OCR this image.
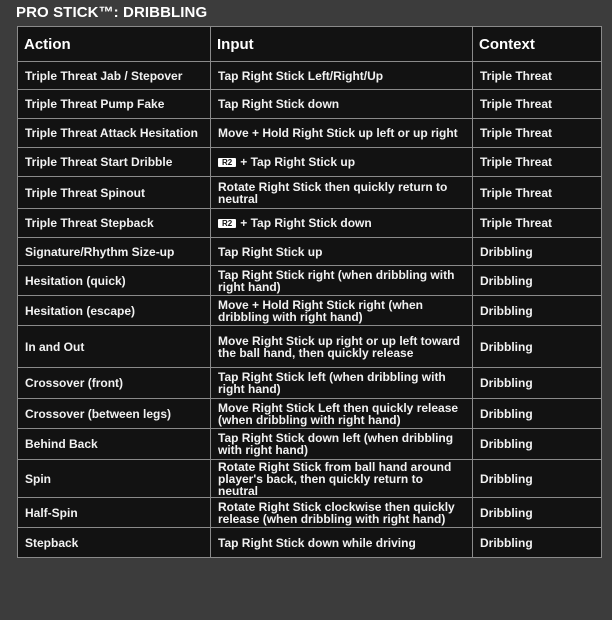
PRO STICK™: DRIBBLING
Action	Input	Context
Triple Threat Jab / Stepover	Tap Right Stick Left/Right/Up	Triple Threat
Triple Threat Pump Fake	Tap Right Stick down	Triple Threat
Triple Threat Attack Hesitation	Move + Hold Right Stick up left or up right	Triple Threat
Triple Threat Start Dribble	R2 + Tap Right Stick up	Triple Threat
Triple Threat Spinout	Rotate Right Stick then quickly return to neutral	Triple Threat
Triple Threat Stepback	R2 + Tap Right Stick down	Triple Threat
Signature/Rhythm Size-up	Tap Right Stick up	Dribbling
Hesitation (quick)	Tap Right Stick right (when dribbling with right hand)	Dribbling
Hesitation (escape)	Move + Hold Right Stick right (when dribbling with right hand)	Dribbling
In and Out	Move Right Stick up right or up left toward the ball hand, then quickly release	Dribbling
Crossover (front)	Tap Right Stick left (when dribbling with right hand)	Dribbling
Crossover (between legs)	Move Right Stick Left then quickly release (when dribbling with right hand)	Dribbling
Behind Back	Tap Right Stick down left (when dribbling with right hand)	Dribbling
Spin	Rotate Right Stick from ball hand around player's back, then quickly return to neutral	Dribbling
Half-Spin	Rotate Right Stick clockwise then quickly release (when dribbling with right hand)	Dribbling
Stepback	Tap Right Stick down while driving	Dribbling
